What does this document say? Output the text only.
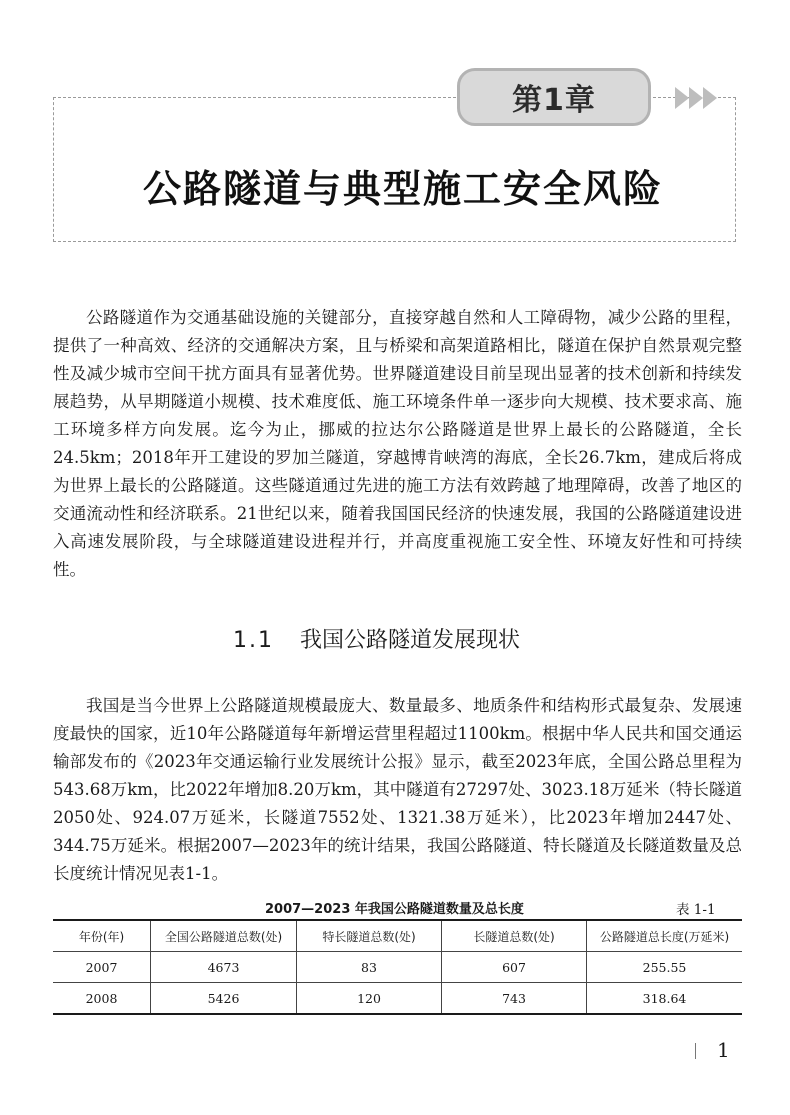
第1章
公路隧道与典型施工安全风险

公路隧道作为交通基础设施的关键部分，直接穿越自然和人工障碍物，减少公路的里程，提供了一种高效、经济的交通解决方案，且与桥梁和高架道路相比，隧道在保护自然景观完整性及减少城市空间干扰方面具有显著优势。世界隧道建设目前呈现出显著的技术创新和持续发展趋势，从早期隧道小规模、技术难度低、施工环境条件单一逐步向大规模、技术要求高、施工环境多样方向发展。迄今为止，挪威的拉达尔公路隧道是世界上最长的公路隧道，全长24.5km；2018年开工建设的罗加兰隧道，穿越博肯峡湾的海底，全长26.7km，建成后将成为世界上最长的公路隧道。这些隧道通过先进的施工方法有效跨越了地理障碍，改善了地区的交通流动性和经济联系。21世纪以来，随着我国国民经济的快速发展，我国的公路隧道建设进入高速发展阶段，与全球隧道建设进程并行，并高度重视施工安全性、环境友好性和可持续性。

1.1 我国公路隧道发展现状

我国是当今世界上公路隧道规模最庞大、数量最多、地质条件和结构形式最复杂、发展速度最快的国家，近10年公路隧道每年新增运营里程超过1100km。根据中华人民共和国交通运输部发布的《2023年交通运输行业发展统计公报》显示，截至2023年底，全国公路总里程为543.68万km，比2022年增加8.20万km，其中隧道有27297处、3023.18万延米（特长隧道2050处、924.07万延米，长隧道7552处、1321.38万延米），比2023年增加2447处、344.75万延米。根据2007—2023年的统计结果，我国公路隧道、特长隧道及长隧道数量及总长度统计情况见表1-1。

2007—2023 年我国公路隧道数量及总长度	表 1-1
年份(年)	全国公路隧道总数(处)	特长隧道总数(处)	长隧道总数(处)	公路隧道总长度(万延米)
2007	4673	83	607	255.55
2008	5426	120	743	318.64
1
